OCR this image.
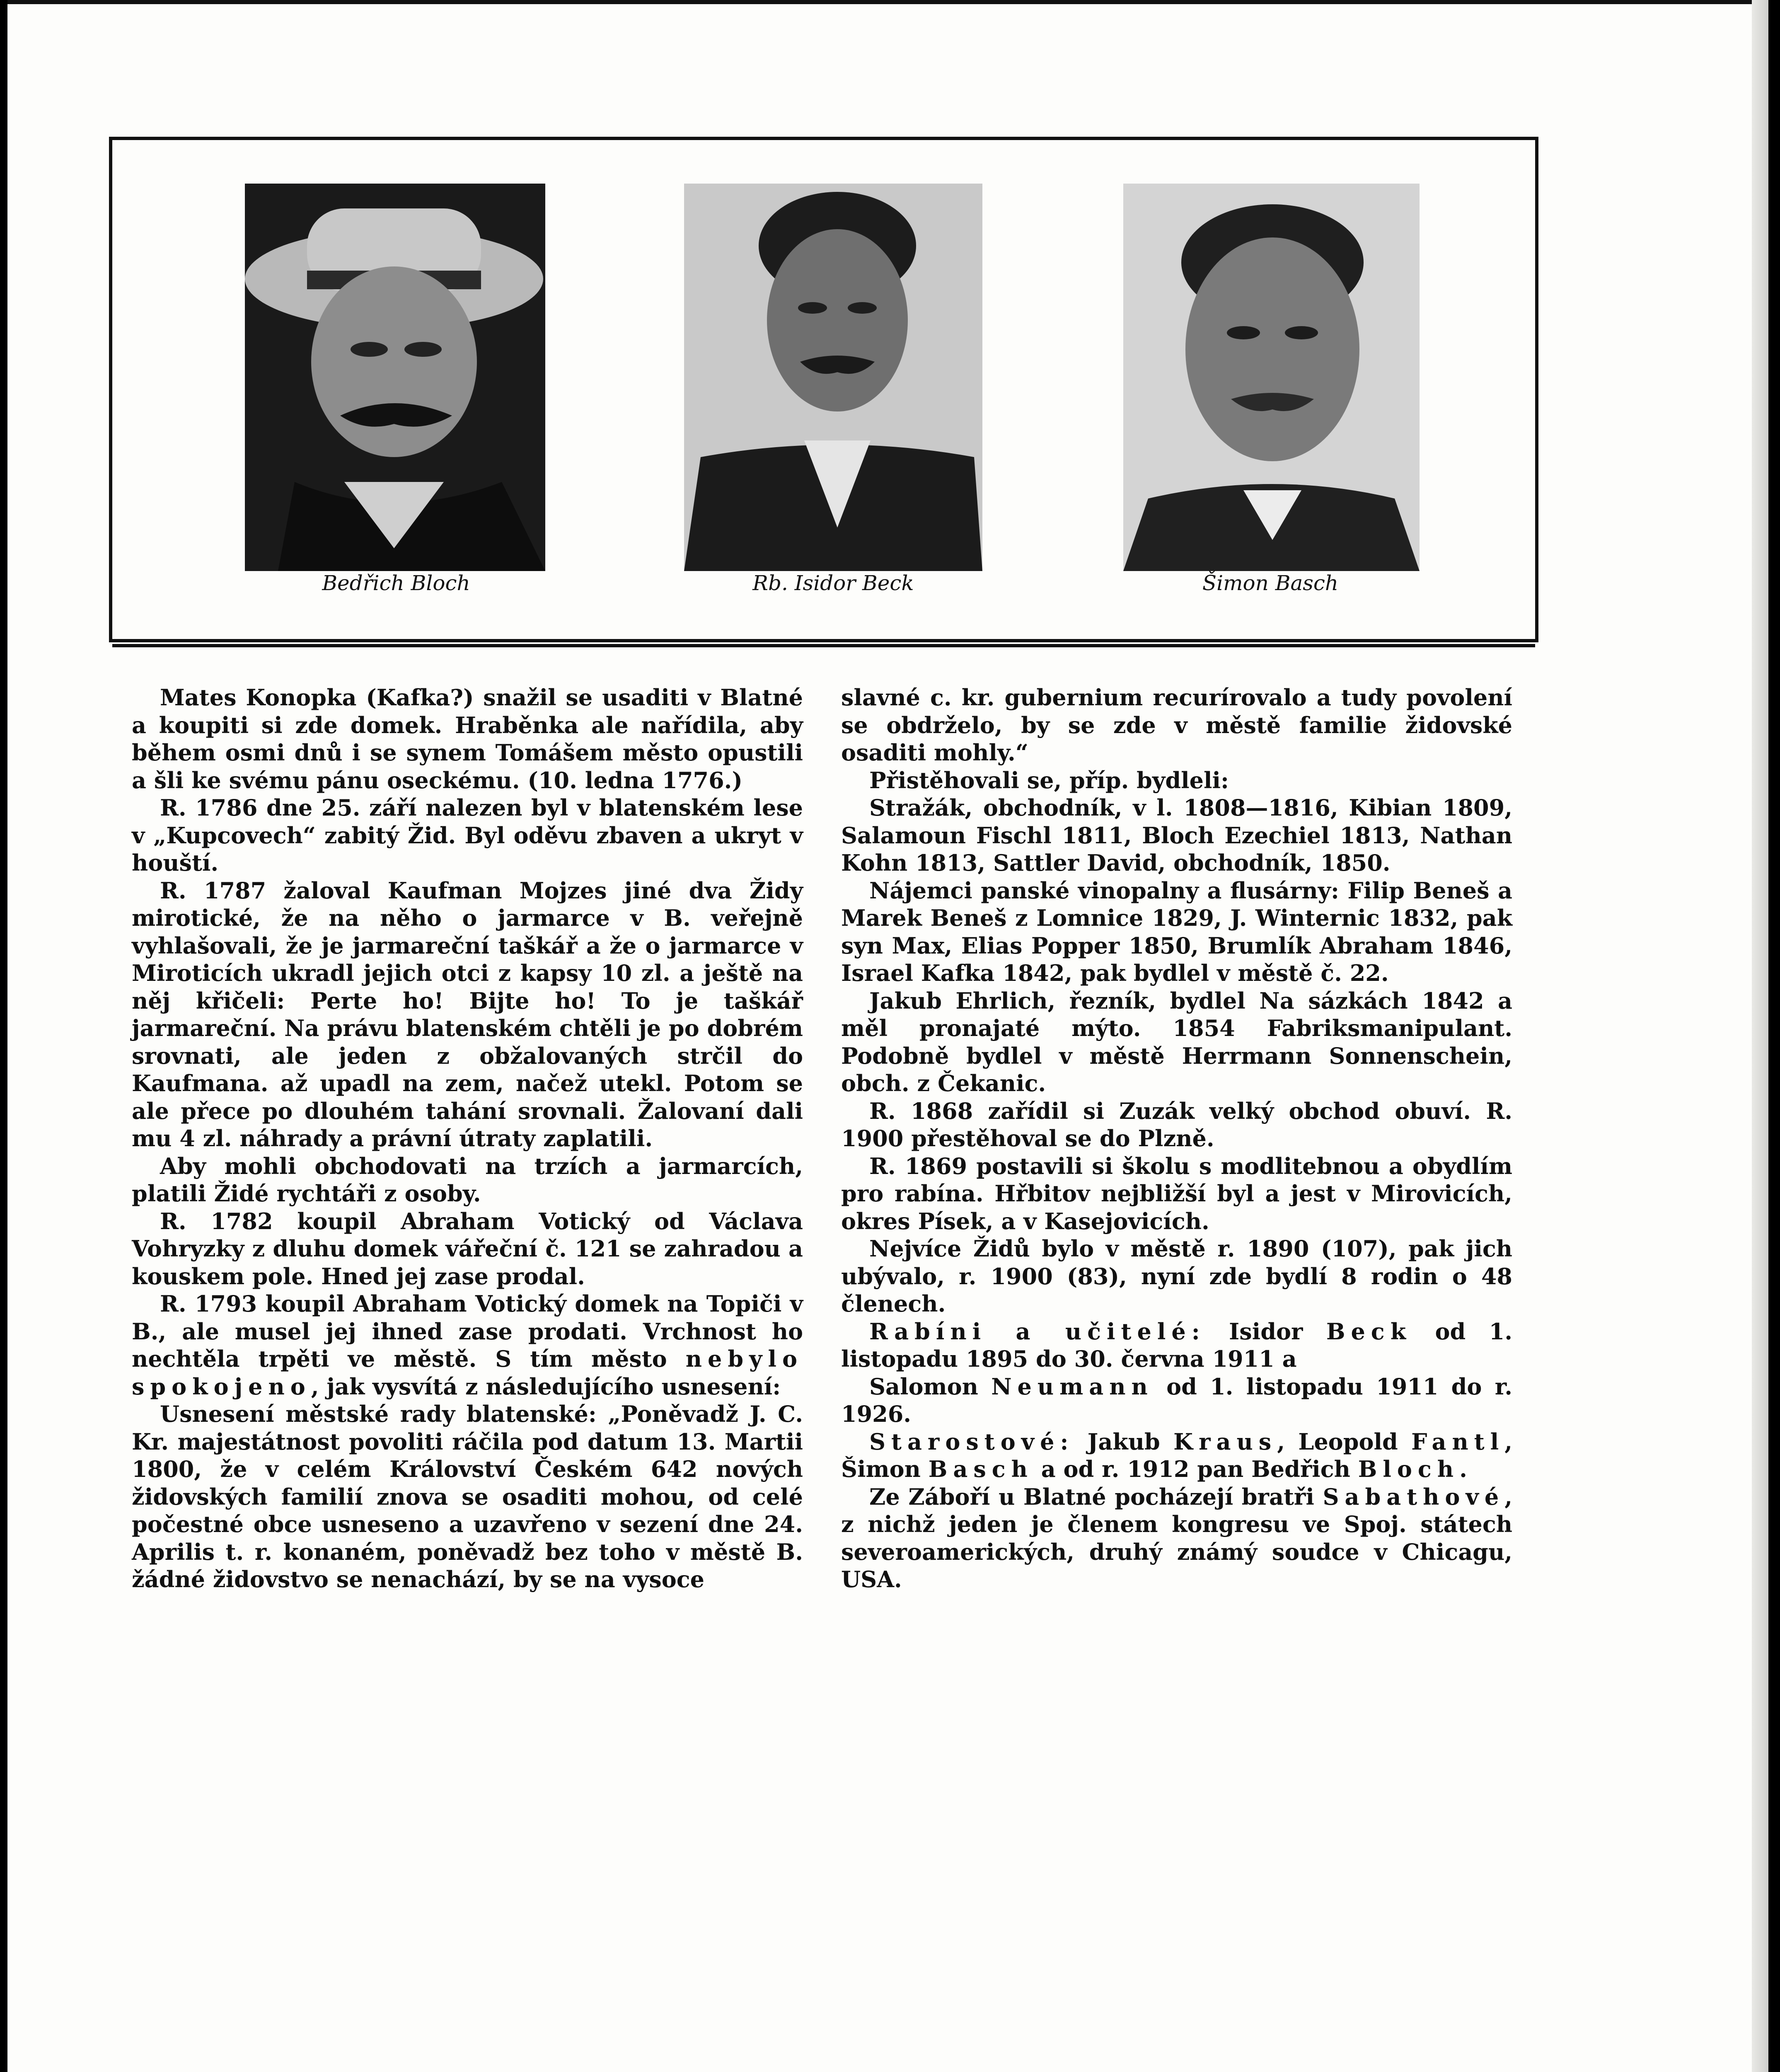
Bedřich Bloch	Rb. Isidor Beck	Šimon Basch

Mates Konopka (Kafka?) snažil se usaditi v Blatné a koupiti si zde domek. Hraběnka ale nařídila, aby během osmi dnů i se synem Tomášem město opustili a šli ke svému pánu oseckému. (10. ledna 1776.)

R. 1786 dne 25. září nalezen byl v blatenském lese v „Kupcovech“ zabitý Žid. Byl oděvu zbaven a ukryt v houští.

R. 1787 žaloval Kaufman Mojzes jiné dva Židy mirotické, že na něho o jarmarce v B. veřejně vyhlašovali, že je jarmareční taškář a že o jarmarce v Miroticích ukradl jejich otci z kapsy 10 zl. a ještě na něj křičeli: Perte ho! Bijte ho! To je taškář jarmareční. Na právu blatenském chtěli je po dobrém srovnati, ale jeden z obžalovaných strčil do Kaufmana. až upadl na zem, načež utekl. Potom se ale přece po dlouhém tahání srovnali. Žalovaní dali mu 4 zl. náhrady a právní útraty zaplatili.

Aby mohli obchodovati na trzích a jarmarcích, platili Židé rychtáři z osoby.

R. 1782 koupil Abraham Votický od Václava Vohryzky z dluhu domek vářeční č. 121 se zahradou a kouskem pole. Hned jej zase prodal.

R. 1793 koupil Abraham Votický domek na Topiči v B., ale musel jej ihned zase prodati. Vrchnost ho nechtěla trpěti ve městě. S tím město nebylo spokojeno, jak vysvítá z následujícího usnesení:

Usnesení městské rady blatenské: „Poněvadž J. C. Kr. majestátnost povoliti ráčila pod datum 13. Martii 1800, že v celém Království Českém 642 nových židovských familií znova se osaditi mohou, od celé počestné obce usneseno a uzavřeno v sezení dne 24. Aprilis t. r. konaném, poněvadž bez toho v městě B. žádné židovstvo se nenachází, by se na vysoce

slavné c. kr. gubernium recurírovalo a tudy povolení se obdrželo, by se zde v městě familie židovské osaditi mohly.“

Přistěhovali se, příp. bydleli:

Stražák, obchodník, v l. 1808—1816, Kibian 1809, Salamoun Fischl 1811, Bloch Ezechiel 1813, Nathan Kohn 1813, Sattler David, obchodník, 1850.

Nájemci panské vinopalny a flusárny: Filip Beneš a Marek Beneš z Lomnice 1829, J. Winternic 1832, pak syn Max, Elias Popper 1850, Brumlík Abraham 1846, Israel Kafka 1842, pak bydlel v městě č. 22.

Jakub Ehrlich, řezník, bydlel Na sázkách 1842 a měl pronajaté mýto. 1854 Fabriksmanipulant. Podobně bydlel v městě Herrmann Sonnenschein, obch. z Čekanic.

R. 1868 zařídil si Zuzák velký obchod obuví. R. 1900 přestěhoval se do Plzně.

R. 1869 postavili si školu s modlitebnou a obydlím pro rabína. Hřbitov nejbližší byl a jest v Mirovicích, okres Písek, a v Kasejovicích.

Nejvíce Židů bylo v městě r. 1890 (107), pak jich ubývalo, r. 1900 (83), nyní zde bydlí 8 rodin o 48 členech.

Rabíni a učitelé: Isidor Beck od 1. listopadu 1895 do 30. června 1911 a

Salomon Neumann od 1. listopadu 1911 do r. 1926.

Starostové: Jakub Kraus, Leopold Fantl, Šimon Basch a od r. 1912 pan Bedřich Bloch.

Ze Záboří u Blatné pocházejí bratři Sabathové, z nichž jeden je členem kongresu ve Spoj. státech severoamerických, druhý známý soudce v Chicagu, USA.
